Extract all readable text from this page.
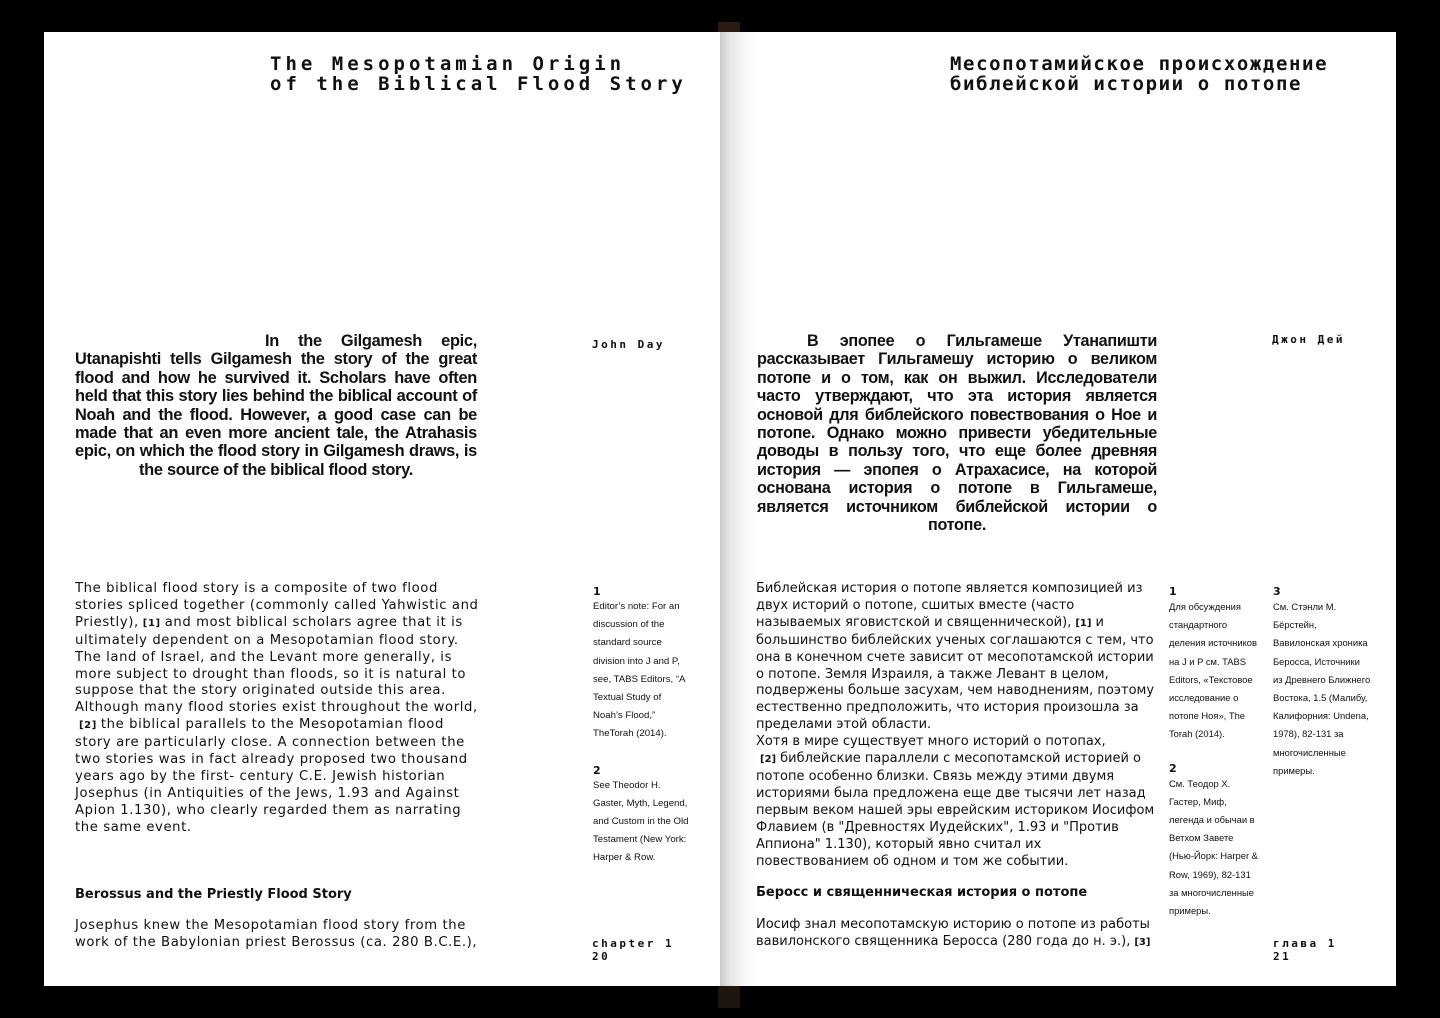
The Mesopotamian Origin
of the Biblical Flood Story
In the Gilgamesh epic, Utanapishti tells Gilgamesh the story of the great flood and how he survived it. Scholars have often held that this story lies behind the biblical account of Noah and the flood. However, a good case can be made that an even more ancient tale, the Atrahasis epic, on which the flood story in Gilgamesh draws, is the source of the biblical flood story.
John Day

The biblical flood story is a composite of two flood stories spliced together (commonly called Yahwistic and Priestly), [1] and most biblical scholars agree that it is ultimately dependent on a Mesopotamian flood story. The land of Israel, and the Levant more generally, is more subject to drought than floods, so it is natural to suppose that the story originated outside this area.

Although many flood stories exist throughout the world,[2] the biblical parallels to the Mesopotamian flood story are particularly close. A connection between the two stories was in fact already proposed two thousand years ago by the first- century C.E. Jewish historian Josephus (in Antiquities of the Jews, 1.93 and Against Apion 1.130), who clearly regarded them as narrating the same event.

Berossus and the Priestly Flood Story
Josephus knew the Mesopotamian flood story from the work of the Babylonian priest Berossus (ca. 280 B.C.E.),
1
Editor’s note: For an discussion of the standard source division into J and P, see, TABS Editors, “A Textual Study of Noah’s Flood,” TheTorah (2014).
2
See Theodor H. Gaster, Myth, Legend, and Custom in the Old Testament (New York: Harper & Row.
chapter 1
20
Месопотамийское происхождение
библейской истории о потопе
В эпопее о Гильгамеше Утанапишти рассказывает Гильгамешу историю о великом потопе и о том, как он выжил. Исследователи часто утверждают, что эта история является основой для библейского повествования о Ное и потопе. Однако можно привести убедительные доводы в пользу того, что еще более древняя история — эпопея о Атрахасисе, на которой основана история о потопе в Гильгамеше, является источником библейской истории о потопе.
Джон Дей

Библейская история о потопе является композицией из двух историй о потопе, сшитых вместе (часто называемых яговистской и священнической), [1] и большинство библейских ученых соглашаются с тем, что она в конечном счете зависит от месопотамской истории о потопе. Земля Израиля, а также Левант в целом, подвержены больше засухам, чем наводнениям, поэтому естественно предположить, что история произошла за пределами этой области.

Хотя в мире существует много историй о потопах,[2] библейские параллели с месопотамской историей о потопе особенно близки. Связь между этими двумя историями была предложена еще две тысячи лет назад первым веком нашей эры еврейским историком Иосифом Флавием (в "Древностях Иудейских", 1.93 и "Против Аппиона" 1.130), который явно считал их повествованием об одном и том же событии.

Беросс и священническая история о потопе
Иосиф знал месопотамскую историю о потопе из работы вавилонского священника Беросса (280 года до н. э.), [3]
1
Для обсуждения стандартного деления источников на J и P см. TABS Editors, «Текстовое исследование о потопе Ноя», The Torah (2014).
2
См. Теодор Х. Гастер, Миф, легенда и обычаи в Ветхом Завете (Нью-Йорк: Harper & Row, 1969), 82-131 за многочисленные примеры.
3
См. Стэнли М. Бёрстейн, Вавилонская хроника Беросса, Источники из Древнего Ближнего Востока, 1.5 (Малибу, Калифорния: Undena, 1978), 82-131 за многочисленные примеры.
глава 1
21
